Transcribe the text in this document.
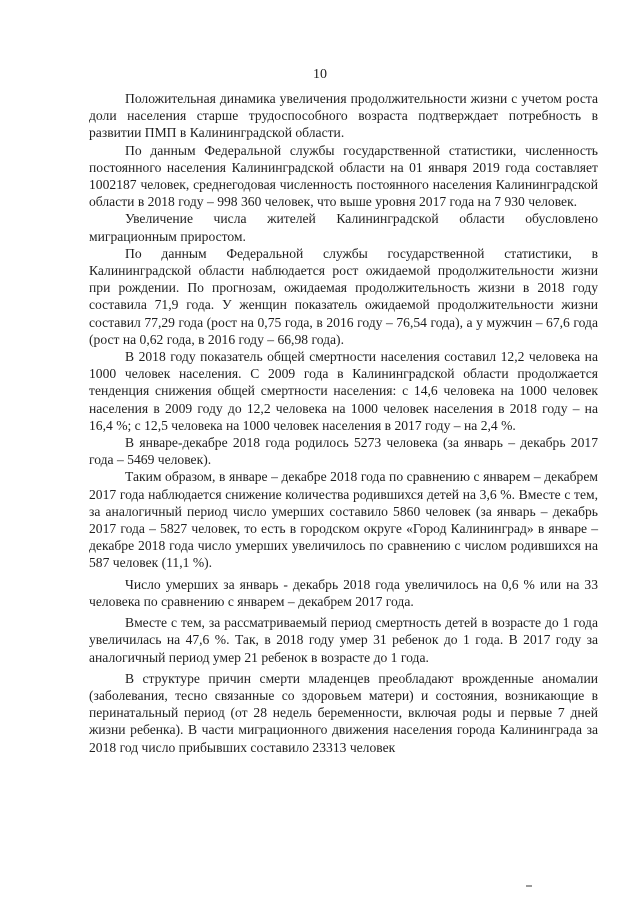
10

Положительная динамика увеличения продолжительности жизни с учетом роста доли населения старше трудоспособного возраста подтверждает потребность в развитии ПМП в Калининградской области.

По данным Федеральной службы государственной статистики, численность постоянного населения Калининградской области на 01 января 2019 года составляет 1002187 человек, среднегодовая численность постоянного населения Калининградской области в 2018 году – 998 360 человек, что выше уровня 2017 года на 7 930 человек.

Увеличение числа жителей Калининградской области обусловлено миграционным приростом.

По данным Федеральной службы государственной статистики, в Калининградской области наблюдается рост ожидаемой продолжительности жизни при рождении. По прогнозам, ожидаемая продолжительность жизни в 2018 году составила 71,9 года. У женщин показатель ожидаемой продолжительности жизни составил 77,29 года (рост на 0,75 года, в 2016 году – 76,54 года), а у мужчин – 67,6 года (рост на 0,62 года, в 2016 году – 66,98 года).

В 2018 году показатель общей смертности населения составил 12,2 человека на 1000 человек населения. С 2009 года в Калининградской области продолжается тенденция снижения общей смертности населения: с 14,6 человека на 1000 человек населения в 2009 году до 12,2 человека на 1000 человек населения в 2018 году – на 16,4 %; с 12,5 человека на 1000 человек населения в 2017 году – на 2,4 %.

В январе-декабре 2018 года родилось 5273 человека (за январь – декабрь 2017 года – 5469 человек).

Таким образом, в январе – декабре 2018 года по сравнению с январем – декабрем 2017 года наблюдается снижение количества родившихся детей на 3,6 %. Вместе с тем, за аналогичный период число умерших составило 5860 человек (за январь – декабрь 2017 года – 5827 человек, то есть в городском округе «Город Калининград» в январе – декабре 2018 года число умерших увеличилось по сравнению с числом родившихся на 587 человек (11,1 %).

Число умерших за январь - декабрь 2018 года увеличилось на 0,6 % или на 33 человека по сравнению с январем – декабрем 2017 года.

Вместе с тем, за рассматриваемый период смертность детей в возрасте до 1 года увеличилась на 47,6 %. Так, в 2018 году умер 31 ребенок до 1 года. В 2017 году за аналогичный период умер 21 ребенок в возрасте до 1 года.

В структуре причин смерти младенцев преобладают врожденные аномалии (заболевания, тесно связанные со здоровьем матери) и состояния, возникающие в перинатальный период (от 28 недель беременности, включая роды и первые 7 дней жизни ребенка). В части миграционного движения населения города Калининграда за 2018 год число прибывших составило 23313 человек
